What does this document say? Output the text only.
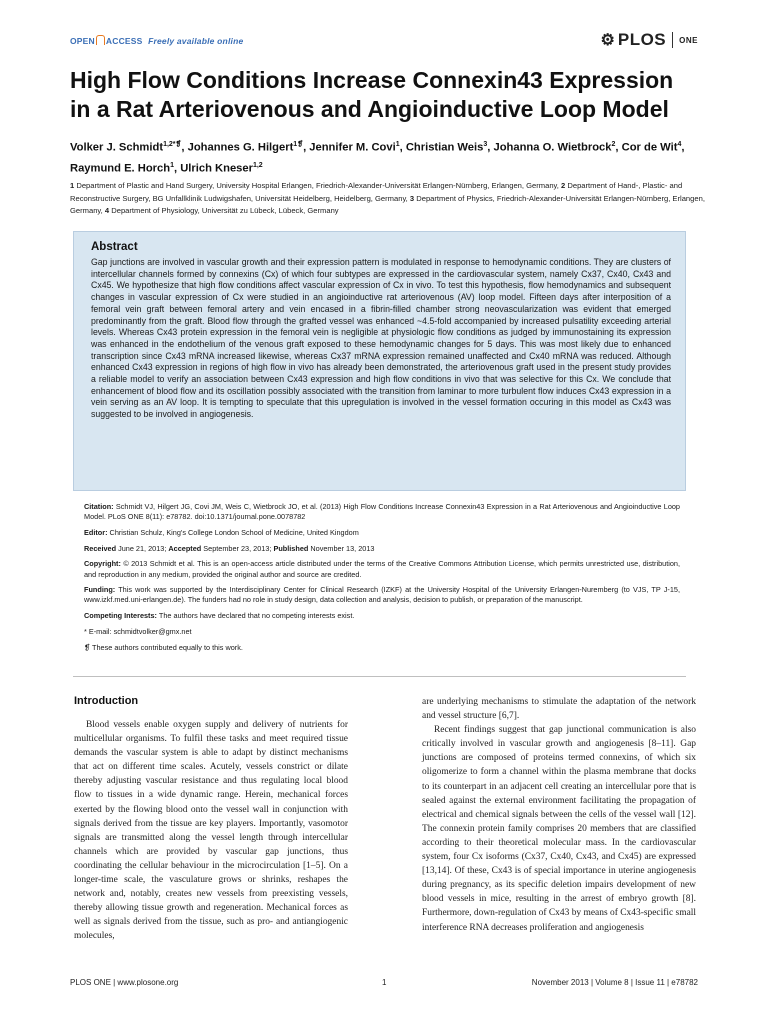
OPEN ACCESS Freely available online	⚙ PLOS ONE
High Flow Conditions Increase Connexin43 Expression in a Rat Arteriovenous and Angioinductive Loop Model
Volker J. Schmidt$^{1,2*❡}$, Johannes G. Hilgert$^{1❡}$, Jennifer M. Covi$^1$, Christian Weis$^3$, Johanna O. Wietbrock$^2$, Cor de Wit$^4$, Raymund E. Horch$^1$, Ulrich Kneser$^{1,2}$
1 Department of Plastic and Hand Surgery, University Hospital Erlangen, Friedrich-Alexander-Universität Erlangen-Nürnberg, Erlangen, Germany, 2 Department of Hand-, Plastic- and Reconstructive Surgery, BG Unfallklinik Ludwigshafen, Universität Heidelberg, Heidelberg, Germany, 3 Department of Physics, Friedrich-Alexander-Universität Erlangen-Nürnberg, Erlangen, Germany, 4 Department of Physiology, Universität zu Lübeck, Lübeck, Germany
Abstract

Gap junctions are involved in vascular growth and their expression pattern is modulated in response to hemodynamic conditions. They are clusters of intercellular channels formed by connexins (Cx) of which four subtypes are expressed in the cardiovascular system, namely Cx37, Cx40, Cx43 and Cx45. We hypothesize that high flow conditions affect vascular expression of Cx in vivo. To test this hypothesis, flow hemodynamics and subsequent changes in vascular expression of Cx were studied in an angioinductive rat arteriovenous (AV) loop model. Fifteen days after interposition of a femoral vein graft between femoral artery and vein encased in a fibrin-filled chamber strong neovascularization was evident that emerged predominantly from the graft. Blood flow through the grafted vessel was enhanced ~4.5-fold accompanied by increased pulsatility exceeding arterial levels. Whereas Cx43 protein expression in the femoral vein is negligible at physiologic flow conditions as judged by immunostaining its expression was enhanced in the endothelium of the venous graft exposed to these hemodynamic changes for 5 days. This was most likely due to enhanced transcription since Cx43 mRNA increased likewise, whereas Cx37 mRNA expression remained unaffected and Cx40 mRNA was reduced. Although enhanced Cx43 expression in regions of high flow in vivo has already been demonstrated, the arteriovenous graft used in the present study provides a reliable model to verify an association between Cx43 expression and high flow conditions in vivo that was selective for this Cx. We conclude that enhancement of blood flow and its oscillation possibly associated with the transition from laminar to more turbulent flow induces Cx43 expression in a vein serving as an AV loop. It is tempting to speculate that this upregulation is involved in the vessel formation occuring in this model as Cx43 was suggested to be involved in angiogenesis.

Citation: Schmidt VJ, Hilgert JG, Covi JM, Weis C, Wietbrock JO, et al. (2013) High Flow Conditions Increase Connexin43 Expression in a Rat Arteriovenous and Angioinductive Loop Model. PLoS ONE 8(11): e78782. doi:10.1371/journal.pone.0078782

Editor: Christian Schulz, King's College London School of Medicine, United Kingdom

Received June 21, 2013; Accepted September 23, 2013; Published November 13, 2013

Copyright: © 2013 Schmidt et al. This is an open-access article distributed under the terms of the Creative Commons Attribution License, which permits unrestricted use, distribution, and reproduction in any medium, provided the original author and source are credited.

Funding: This work was supported by the Interdisciplinary Center for Clinical Research (IZKF) at the University Hospital of the University Erlangen-Nuremberg (to VJS, TP J-15, www.izkf.med.uni-erlangen.de). The funders had no role in study design, data collection and analysis, decision to publish, or preparation of the manuscript.

Competing Interests: The authors have declared that no competing interests exist.

* E-mail: schmidtvolker@gmx.net

❡ These authors contributed equally to this work.

Introduction

Blood vessels enable oxygen supply and delivery of nutrients for multicellular organisms. To fulfil these tasks and meet required tissue demands the vascular system is able to adapt by distinct mechanisms that act on different time scales. Acutely, vessels constrict or dilate thereby adjusting vascular resistance and thus regulating local blood flow to tissues in a wide dynamic range. Herein, mechanical forces exerted by the flowing blood onto the vessel wall in conjunction with signals derived from the tissue are key players. Importantly, vasomotor signals are transmitted along the vessel length through intercellular channels which are provided by vascular gap junctions, thus coordinating the cellular behaviour in the microcirculation [1–5]. On a longer-time scale, the vasculature grows or shrinks, reshapes the network and, notably, creates new vessels from preexisting vessels, thereby allowing tissue growth and regeneration. Mechanical forces as well as signals derived from the tissue, such as pro- and antiangiogenic molecules,

are underlying mechanisms to stimulate the adaptation of the network and vessel structure [6,7].

Recent findings suggest that gap junctional communication is also critically involved in vascular growth and angiogenesis [8–11]. Gap junctions are composed of proteins termed connexins, of which six oligomerize to form a channel within the plasma membrane that docks to its counterpart in an adjacent cell creating an intercellular pore that is sealed against the external environment facilitating the propagation of electrical and chemical signals between the cells of the vessel wall [12]. The connexin protein family comprises 20 members that are classified according to their theoretical molecular mass. In the cardiovascular system, four Cx isoforms (Cx37, Cx40, Cx43, and Cx45) are expressed [13,14]. Of these, Cx43 is of special importance in uterine angiogenesis during pregnancy, as its specific deletion impairs development of new blood vessels in mice, resulting in the arrest of embryo growth [8]. Furthermore, down-regulation of Cx43 by means of Cx43-specific small interference RNA decreases proliferation and angiogenesis

PLOS ONE | www.plosone.org	1	November 2013 | Volume 8 | Issue 11 | e78782
